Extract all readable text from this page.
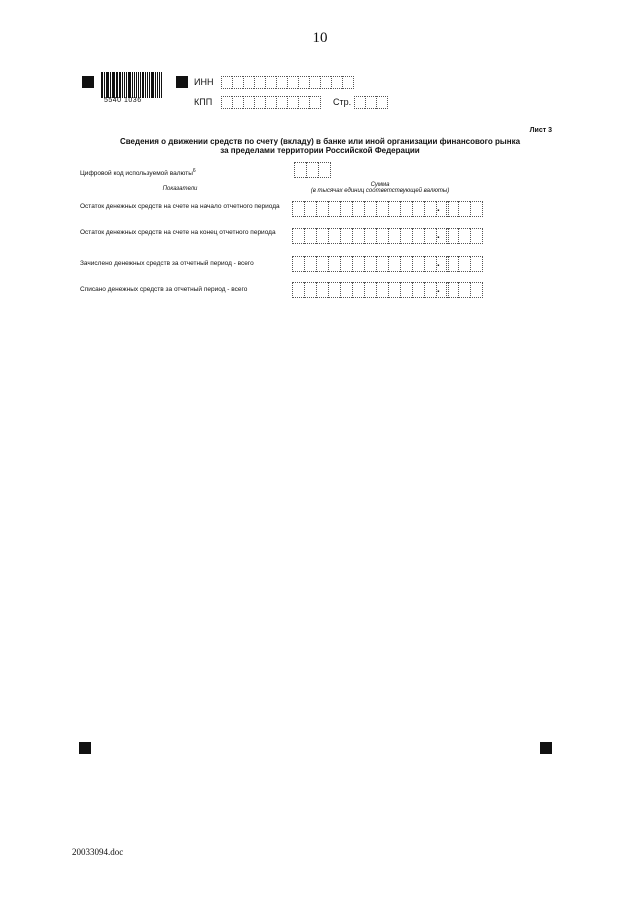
10
5540 1036
ИНН
КПП	Стр.
Лист 3
Сведения о движении средств по счету (вкладу) в банке или иной организации финансового рынка
за пределами территории Российской Федерации
Цифровой код используемой валюты$^6$
Показатели
Сумма
(в тысячах единиц соответствующей валюты)
Остаток денежных средств на счете на начало отчетного периода	.
Остаток денежных средств на счете на конец отчетного периода	.
Зачислено денежных средств за отчетный период - всего	.
Списано денежных средств за отчетный период - всего	.
20033094.doc
